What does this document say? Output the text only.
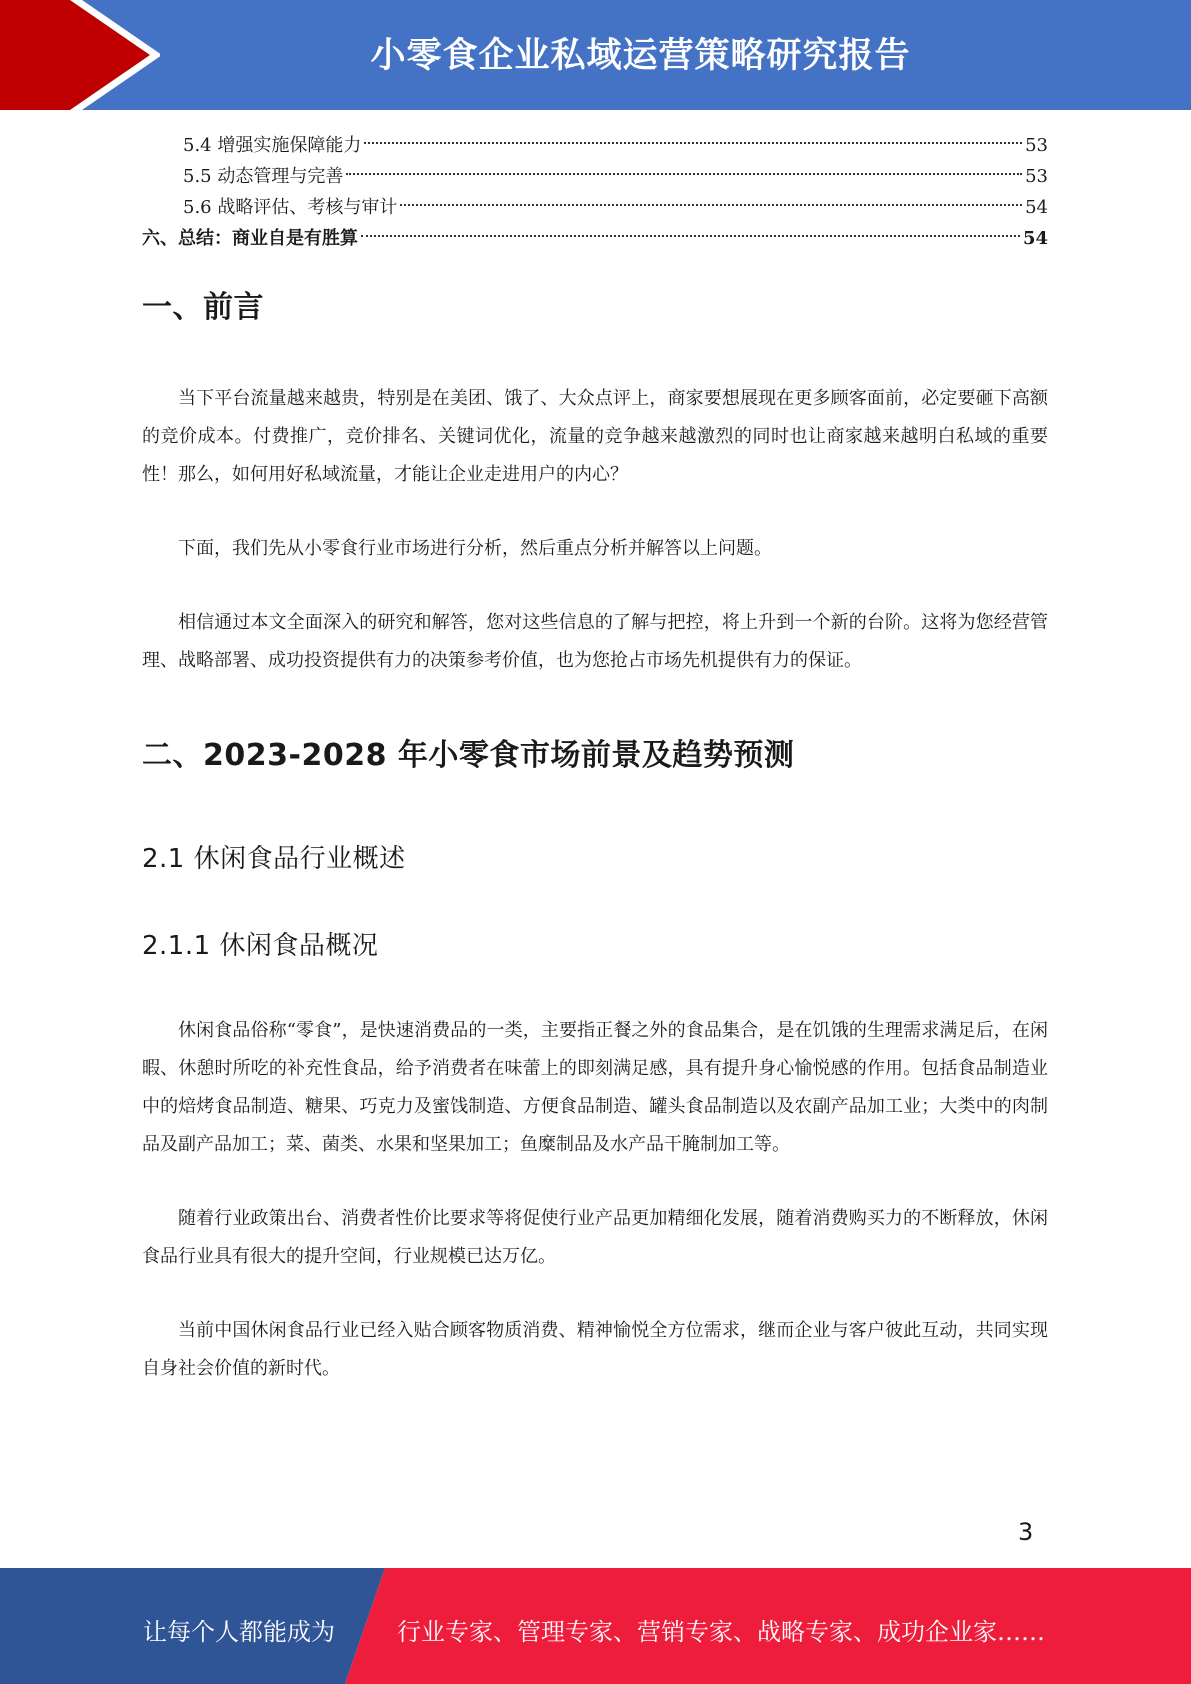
小零食企业私域运营策略研究报告
5.4 增强实施保障能力	53
5.5 动态管理与完善	53
5.6 战略评估、考核与审计	54
六、总结：商业自是有胜算	54
一、前言

当下平台流量越来越贵，特别是在美团、饿了、大众点评上，商家要想展现在更多顾客面前，必定要砸下高额的竞价成本。付费推广，竞价排名、关键词优化，流量的竞争越来越激烈的同时也让商家越来越明白私域的重要性！那么，如何用好私域流量，才能让企业走进用户的内心？

下面，我们先从小零食行业市场进行分析，然后重点分析并解答以上问题。

相信通过本文全面深入的研究和解答，您对这些信息的了解与把控，将上升到一个新的台阶。这将为您经营管理、战略部署、成功投资提供有力的决策参考价值，也为您抢占市场先机提供有力的保证。

二、2023-2028 年小零食市场前景及趋势预测
2.1 休闲食品行业概述
2.1.1 休闲食品概况

休闲食品俗称“零食”，是快速消费品的一类，主要指正餐之外的食品集合，是在饥饿的生理需求满足后，在闲暇、休憩时所吃的补充性食品，给予消费者在味蕾上的即刻满足感，具有提升身心愉悦感的作用。包括食品制造业中的焙烤食品制造、糖果、巧克力及蜜饯制造、方便食品制造、罐头食品制造以及农副产品加工业；大类中的肉制品及副产品加工；菜、菌类、水果和坚果加工；鱼糜制品及水产品干腌制加工等。

随着行业政策出台、消费者性价比要求等将促使行业产品更加精细化发展，随着消费购买力的不断释放，休闲食品行业具有很大的提升空间，行业规模已达万亿。

当前中国休闲食品行业已经入贴合顾客物质消费、精神愉悦全方位需求，继而企业与客户彼此互动，共同实现自身社会价值的新时代。

3
让每个人都能成为	行业专家、管理专家、营销专家、战略专家、成功企业家……
